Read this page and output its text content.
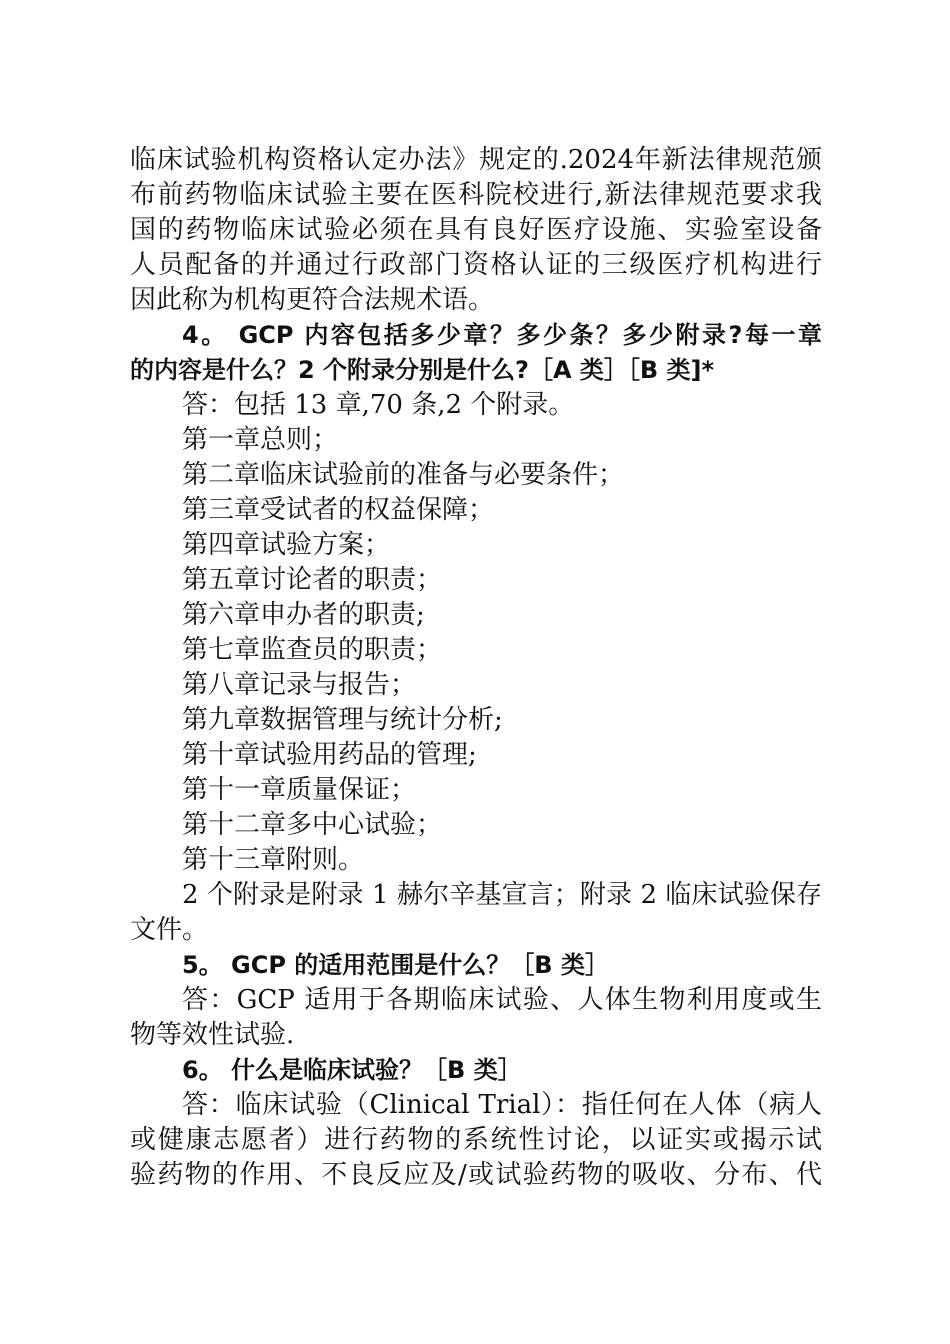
临床试验机构资格认定办法》规定的.2024年新法律规范颁
布前药物临床试验主要在医科院校进行,新法律规范要求我
国的药物临床试验必须在具有良好医疗设施、实验室设备
人员配备的并通过行政部门资格认证的三级医疗机构进行
因此称为机构更符合法规术语。
4。 GCP 内容包括多少章？多少条？多少附录?每一章
的内容是什么？2 个附录分别是什么?［A 类］［B 类]*
答：包括 13 章,70 条,2 个附录。
第一章总则；
第二章临床试验前的准备与必要条件；
第三章受试者的权益保障；
第四章试验方案；
第五章讨论者的职责；
第六章申办者的职责;
第七章监查员的职责；
第八章记录与报告；
第九章数据管理与统计分析;
第十章试验用药品的管理;
第十一章质量保证；
第十二章多中心试验；
第十三章附则。
2 个附录是附录 1 赫尔辛基宣言；附录 2 临床试验保存
文件。
5。 GCP 的适用范围是什么？［B 类］
答：GCP 适用于各期临床试验、人体生物利用度或生
物等效性试验.
6。 什么是临床试验？［B 类］
答：临床试验（Clinical Trial）：指任何在人体（病人
或健康志愿者）进行药物的系统性讨论，以证实或揭示试
验药物的作用、不良反应及/或试验药物的吸收、分布、代
